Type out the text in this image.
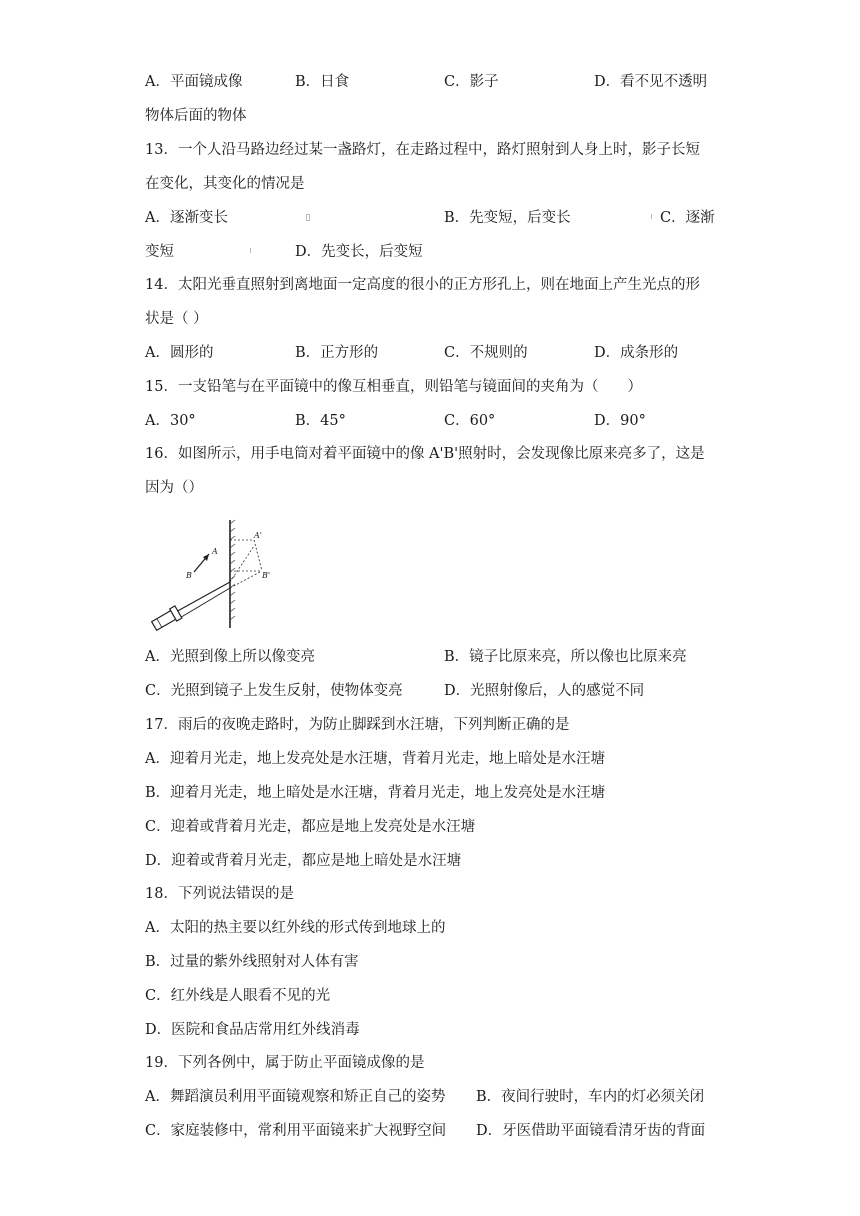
A．平面镜成像	B．日食	C．影子	D．看不见不透明
物体后面的物体
13．一个人沿马路边经过某一盏路灯，在走路过程中，路灯照射到人身上时，影子长短
在变化，其变化的情况是
A．逐渐变长	B．先变短，后变长	C．逐渐
变短	D．先变长，后变短
14．太阳光垂直照射到离地面一定高度的很小的正方形孔上，则在地面上产生光点的形
状是（ ）
A．圆形的	B．正方形的	C．不规则的	D．成条形的
15．一支铅笔与在平面镜中的像互相垂直，则铅笔与镜面间的夹角为（　　）
A．30°	B．45°	C．60°	D．90°
16．如图所示，用手电筒对着平面镜中的像 A'B'照射时，会发现像比原来亮多了，这是
因为（）
A
B
A'
B'
A．光照到像上所以像变亮	B．镜子比原来亮，所以像也比原来亮
C．光照到镜子上发生反射，使物体变亮	D．光照射像后，人的感觉不同
17．雨后的夜晚走路时，为防止脚踩到水汪塘，下列判断正确的是
A．迎着月光走，地上发亮处是水汪塘，背着月光走，地上暗处是水汪塘
B．迎着月光走，地上暗处是水汪塘，背着月光走，地上发亮处是水汪塘
C．迎着或背着月光走，都应是地上发亮处是水汪塘
D．迎着或背着月光走，都应是地上暗处是水汪塘
18．下列说法错误的是
A．太阳的热主要以红外线的形式传到地球上的
B．过量的紫外线照射对人体有害
C．红外线是人眼看不见的光
D．医院和食品店常用红外线消毒
19．下列各例中，属于防止平面镜成像的是
A．舞蹈演员利用平面镜观察和矫正自己的姿势 B．夜间行驶时，车内的灯必须关闭
C．家庭装修中，常利用平面镜来扩大视野空间 D．牙医借助平面镜看清牙齿的背面
